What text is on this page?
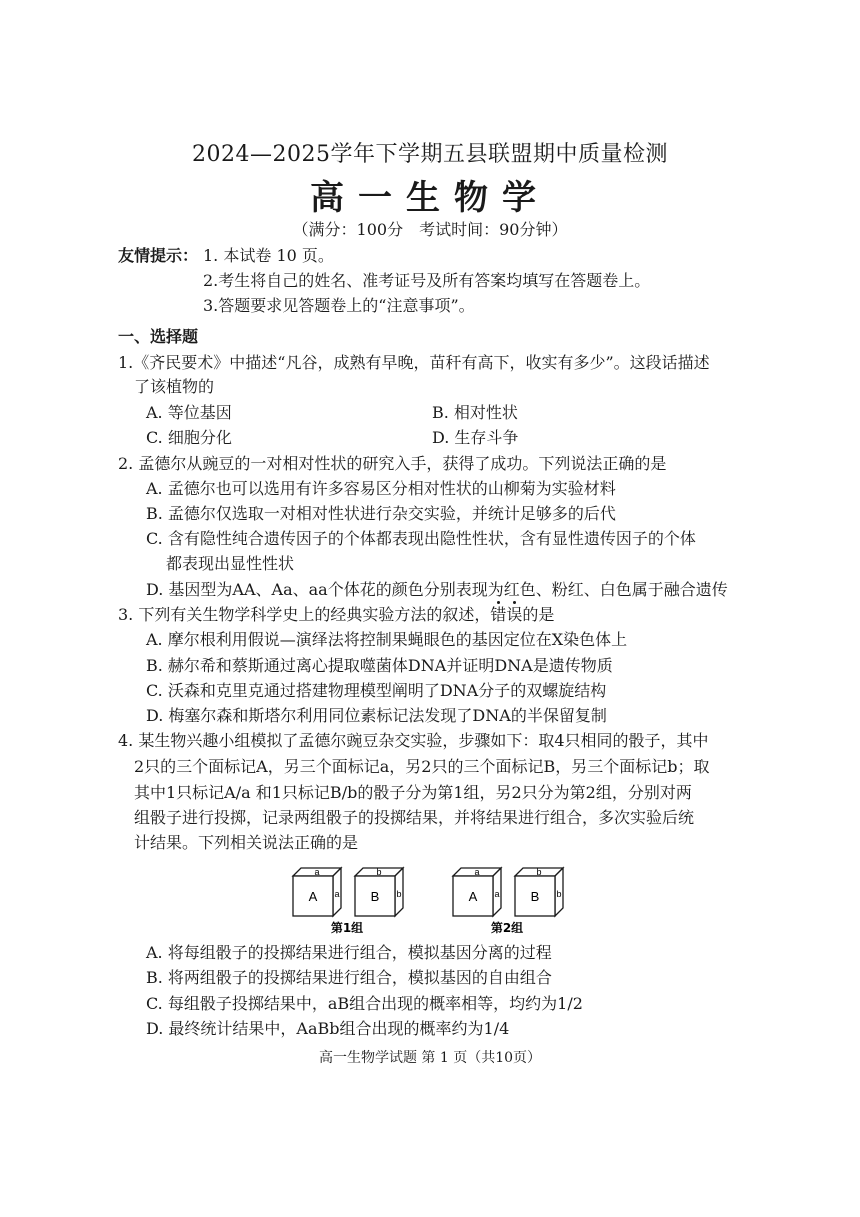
2024—2025学年下学期五县联盟期中质量检测
高一生物学
（满分：100分　考试时间：90分钟）
友情提示： 1. 本试卷 10 页。
2.考生将自己的姓名、准考证号及所有答案均填写在答题卷上。
3.答题要求见答题卷上的“注意事项”。
一、选择题
1.《齐民要术》中描述“凡谷，成熟有早晚，苗秆有高下，收实有多少”。这段话描述
了该植物的
A. 等位基因	B. 相对性状
C. 细胞分化	D. 生存斗争
2. 孟德尔从豌豆的一对相对性状的研究入手，获得了成功。下列说法正确的是
A. 孟德尔也可以选用有许多容易区分相对性状的山柳菊为实验材料
B. 孟德尔仅选取一对相对性状进行杂交实验，并统计足够多的后代
C. 含有隐性纯合遗传因子的个体都表现出隐性性状，含有显性遗传因子的个体
都表现出显性性状
D. 基因型为AA、Aa、aa个体花的颜色分别表现为红色、粉红、白色属于融合遗传
3. 下列有关生物学科学史上的经典实验方法的叙述，错误的是
A. 摩尔根利用假说—演绎法将控制果蝇眼色的基因定位在X染色体上
B. 赫尔希和蔡斯通过离心提取噬菌体DNA并证明DNA是遗传物质
C. 沃森和克里克通过搭建物理模型阐明了DNA分子的双螺旋结构
D. 梅塞尔森和斯塔尔利用同位素标记法发现了DNA的半保留复制
4. 某生物兴趣小组模拟了孟德尔豌豆杂交实验，步骤如下：取4只相同的骰子，其中
2只的三个面标记A，另三个面标记a，另2只的三个面标记B，另三个面标记b；取
其中1只标记A/a 和1只标记B/b的骰子分为第1组，另2只分为第2组，分别对两
组骰子进行投掷，记录两组骰子的投掷结果，并将结果进行组合，多次实验后统
计结果。下列相关说法正确的是
A
a
a B
b
b
第1组
A
a
a B
b
b
第2组
A. 将每组骰子的投掷结果进行组合，模拟基因分离的过程
B. 将两组骰子的投掷结果进行组合，模拟基因的自由组合
C. 每组骰子投掷结果中，aB组合出现的概率相等，均约为1/2
D. 最终统计结果中，AaBb组合出现的概率约为1/4
高一生物学试题 第 1 页（共10页）
